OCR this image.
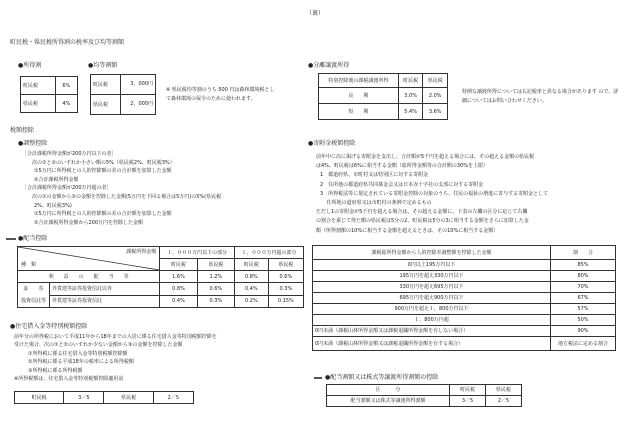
（裏）
町民税・県民税所得割の税率及び均等割額
●所得割
町民税	6%
県民税	4%
●均等割額
町民税	3，000円
県民税	2，000円
※ 県民税均等割のうち 500 円は森林環境税として森林環境の保全のために使われます。
●分離譲渡所得
特別控除後の課税譲渡所得	町民税	県民税
長　　期	3.0%	2.0%
短　　期	5.4%	3.6%
特例な譲渡所得については右記税率と異なる場合があります ので、詳細についてはお問い合わせください。
税額控除
●調整控除
［合計課税所得金額が200万円以下の者］
次の①と②のいずれか小さい額の5%（県民税2%、町民税3%）
①5万円に所得税との人的控除額の差の合計額を加算した金額
②合計課税所得金額
［合計課税所得金額が200万円超の者］
次の①の金額から②の金額を控除した金額(5万円を下回る場合は5万円)の5%(県民税
2%、町民税3%)
①5万円に所得税との人的控除額の差の合計額を加算した金額
②合計課税所得金額から200万円を控除した金額
●寄附金税額控除
前年中に次に掲げる寄附金を支出し、合計額が5千円を超える場合には、その超える金額の県民税
は4%、町民税は6%に相当する金額（総所得金額等の合計額の30%を上限）
1　都道府県、市町村又は特別区に対する寄附金
2　住所地の都道府県共同募金会又は日本赤十字社の支部に対する寄附金
3　所得税法等に規定されている寄附金控除の対象のうち、住民の福祉の増進に寄与する寄附金として
　 住所地の道府県又は市町村の条例で定めるもの
ただし1の寄附金が5千円を超える場合は、その超える金額に、下表の左欄の区分に応じて右欄
の割合を乗じて得た額の県民税は5分の2、町民税は5分の3に相当する金額をさらに加算した金
額（所得割額の10%に相当する金額を超えるときは、その10%に相当する金額）
●配当控除
課税所得金額
種　類		１，０００万円以下の部分		１，０００万円超の部分	
		町民税	県民税	町民税	県民税
利　　益　　の　　配　　当　　等		1.6%	1.2%	0.8%	0.6%

証　　券
投資信託等	外貨建等証券投資信託以外	0.8%	0.6%	0.4%	0.3%
	外貨建等証券投資信託	0.4%	0.3%	0.2%	0.15%
●住宅借入金等特別税額控除
前年分の所得税において平成11年から18年までの入居に係る住宅借入金等特別税額控除を
受けた場合、次の①と②のいずれか少ない金額から③の金額を控除した金額
①所得税に係る住宅借入金等特別税額控除額
②所得税に係る平成18年の税率による所得税額
③所得税に係る所得税額
※所得税額は、住宅借入金等特別税額控除適用前
町民税	3／5	県民税	2／5
課税総所得金額から人的控除差調整額を控除した金額	割　　合
0円以上195万円以下	85%
195万円を超え330万円以下	80%
330万円を超え695万円以下	70%
695万円を超え900万円以下	67%
900万円を超え１，800万円以下	57%
１，800万円超	50%
0円未満（課税山林所得金額又は課税退職所得金額を有しない場合）	90%
0円未満（課税山林所得金額又は課税退職所得金額を有する場合）	地方税法に定める割合
●配当割額又は株式等譲渡所得割額の控除
区　　　分	町民税	県民税
配当割額又は株式等譲渡所得割額	3／5	2／5
